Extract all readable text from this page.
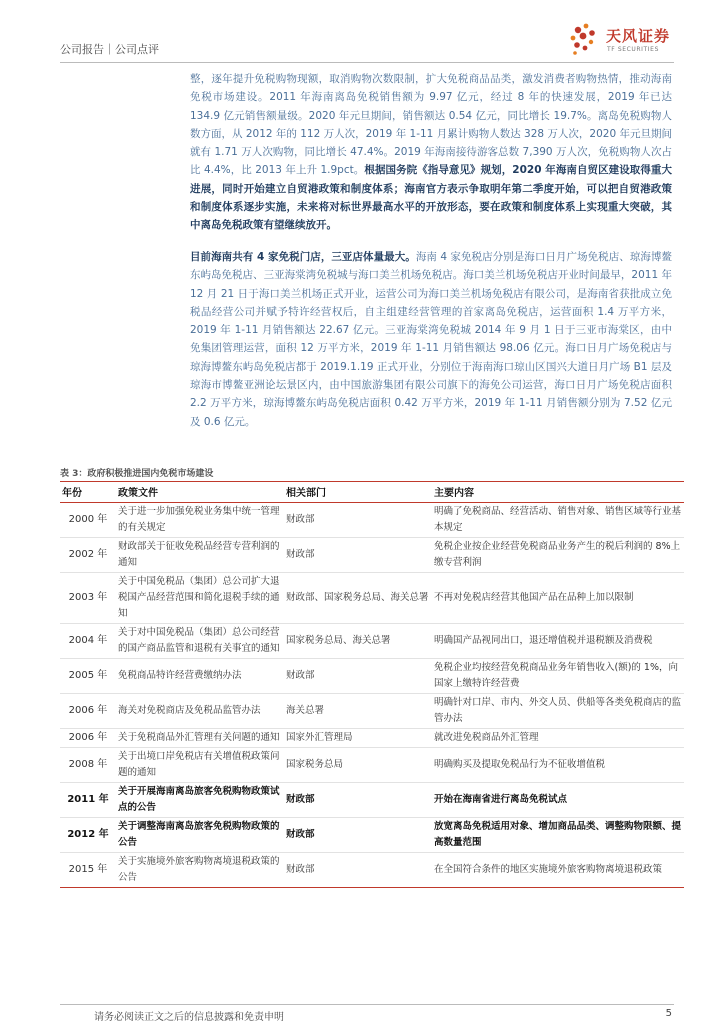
公司报告｜公司点评
天风证券
TF SECURITIES

整，逐年提升免税购物现额，取消购物次数限制，扩大免税商品品类，激发消费者购物热情，推动海南免税市场建设。2011 年海南离岛免税销售额为 9.97 亿元，经过 8 年的快速发展，2019 年已达 134.9 亿元销售额量级。2020 年元旦期间，销售额达 0.54 亿元，同比增长 19.7%。离岛免税购物人数方面，从 2012 年的 112 万人次，2019 年 1-11 月累计购物人数达 328 万人次，2020 年元旦期间就有 1.71 万人次购物，同比增长 47.4%。2019 年海南接待游客总数 7,390 万人次，免税购物人次占比 4.4%，比 2013 年上升 1.9pct。根据国务院《指导意见》规划，2020 年海南自贸区建设取得重大进展，同时开始建立自贸港政策和制度体系；海南官方表示争取明年第二季度开始，可以把自贸港政策和制度体系逐步实施，未来将对标世界最高水平的开放形态，要在政策和制度体系上实现重大突破，其中离岛免税政策有望继续放开。

目前海南共有 4 家免税门店，三亚店体量最大。海南 4 家免税店分别是海口日月广场免税店、琼海博鳌东屿岛免税店、三亚海棠湾免税城与海口美兰机场免税店。海口美兰机场免税店开业时间最早，2011 年 12 月 21 日于海口美兰机场正式开业，运营公司为海口美兰机场免税店有限公司，是海南省获批成立免税品经营公司并赋予特许经营权后，自主组建经营管理的首家离岛免税店，运营面积 1.4 万平方米，2019 年 1-11 月销售额达 22.67 亿元。三亚海棠湾免税城 2014 年 9 月 1 日于三亚市海棠区，由中免集团管理运营，面积 12 万平方米，2019 年 1-11 月销售额达 98.06 亿元。海口日月广场免税店与琼海博鳌东屿岛免税店都于 2019.1.19 正式开业，分别位于海南海口琼山区国兴大道日月广场 B1 层及琼海市博鳌亚洲论坛景区内，由中国旅游集团有限公司旗下的海免公司运营，海口日月广场免税店面积 2.2 万平方米，琼海博鳌东屿岛免税店面积 0.42 万平方米，2019 年 1-11 月销售额分别为 7.52 亿元及 0.6 亿元。

表 3：政府积极推进国内免税市场建设
年份	政策文件	相关部门	主要内容
2000 年	关于进一步加强免税业务集中统一管理的有关规定	财政部	明确了免税商品、经营活动、销售对象、销售区域等行业基本规定
2002 年	财政部关于征收免税品经营专营利润的通知	财政部	免税企业按企业经营免税商品业务产生的税后利润的 8%上缴专营利润
2003 年	关于中国免税品（集团）总公司扩大退税国产品经营范围和简化退税手续的通知	财政部、国家税务总局、海关总署	不再对免税店经营其他国产品在品种上加以限制
2004 年	关于对中国免税品（集团）总公司经营的国产商品监管和退税有关事宜的通知	国家税务总局、海关总署	明确国产品视同出口，退还增值税并退税额及消费税
2005 年	免税商品特许经营费缴纳办法	财政部	免税企业均按经营免税商品业务年销售收入(额)的 1%，向国家上缴特许经营费
2006 年	海关对免税商店及免税品监管办法	海关总署	明确针对口岸、市内、外交人员、供船等各类免税商店的监管办法
2006 年	关于免税商品外汇管理有关问题的通知	国家外汇管理局	就改进免税商品外汇管理
2008 年	关于出境口岸免税店有关增值税政策问题的通知	国家税务总局	明确购买及提取免税品行为不征收增值税
2011 年	关于开展海南离岛旅客免税购物政策试点的公告	财政部	开始在海南省进行离岛免税试点
2012 年	关于调整海南离岛旅客免税购物政策的公告	财政部	放宽离岛免税适用对象、增加商品品类、调整购物限额、提高数量范围
2015 年	关于实施境外旅客购物离境退税政策的公告	财政部	在全国符合条件的地区实施境外旅客购物离境退税政策
请务必阅读正文之后的信息披露和免责申明	5
